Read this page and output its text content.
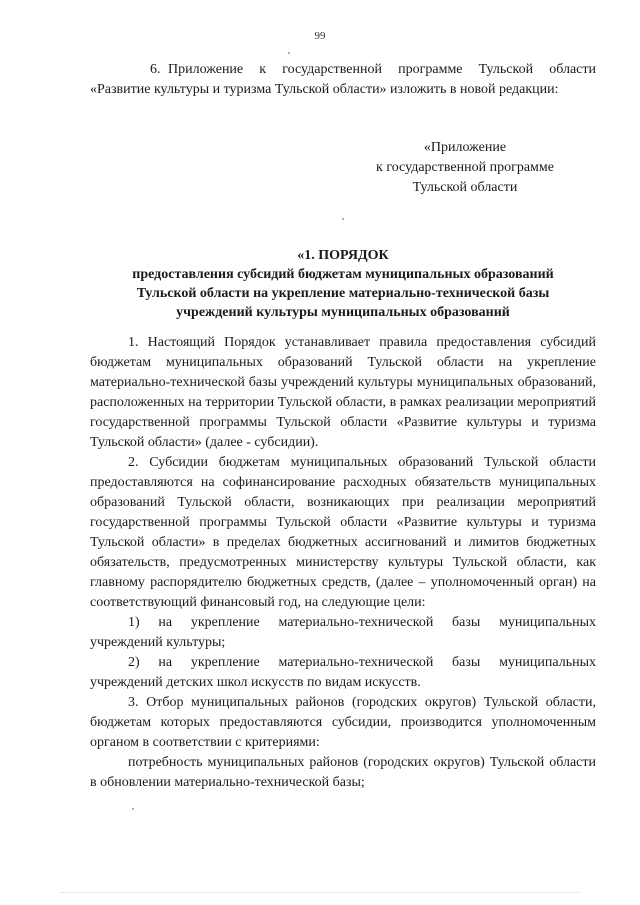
99
6. Приложение к государственной программе Тульской области «Развитие культуры и туризма Тульской области» изложить в новой редакции:
«Приложение
к государственной программе
Тульской области
«1. ПОРЯДОК
предоставления субсидий бюджетам муниципальных образований
Тульской области на укрепление материально-технической базы
учреждений культуры муниципальных образований

1. Настоящий Порядок устанавливает правила предоставления субсидий бюджетам муниципальных образований Тульской области на укрепление материально-технической базы учреждений культуры муниципальных образований, расположенных на территории Тульской области, в рамках реализации мероприятий государственной программы Тульской области «Развитие культуры и туризма Тульской области» (далее - субсидии).

2. Субсидии бюджетам муниципальных образований Тульской области предоставляются на софинансирование расходных обязательств муниципальных образований Тульской области, возникающих при реализации мероприятий государственной программы Тульской области «Развитие культуры и туризма Тульской области» в пределах бюджетных ассигнований и лимитов бюджетных обязательств, предусмотренных министерству культуры Тульской области, как главному распорядителю бюджетных средств, (далее – уполномоченный орган) на соответствующий финансовый год, на следующие цели:

1) на укрепление материально-технической базы муниципальных учреждений культуры;

2) на укрепление материально-технической базы муниципальных учреждений детских школ искусств по видам искусств.

3. Отбор муниципальных районов (городских округов) Тульской области, бюджетам которых предоставляются субсидии, производится уполномоченным органом в соответствии с критериями:

потребность муниципальных районов (городских округов) Тульской области в обновлении материально-технической базы;
